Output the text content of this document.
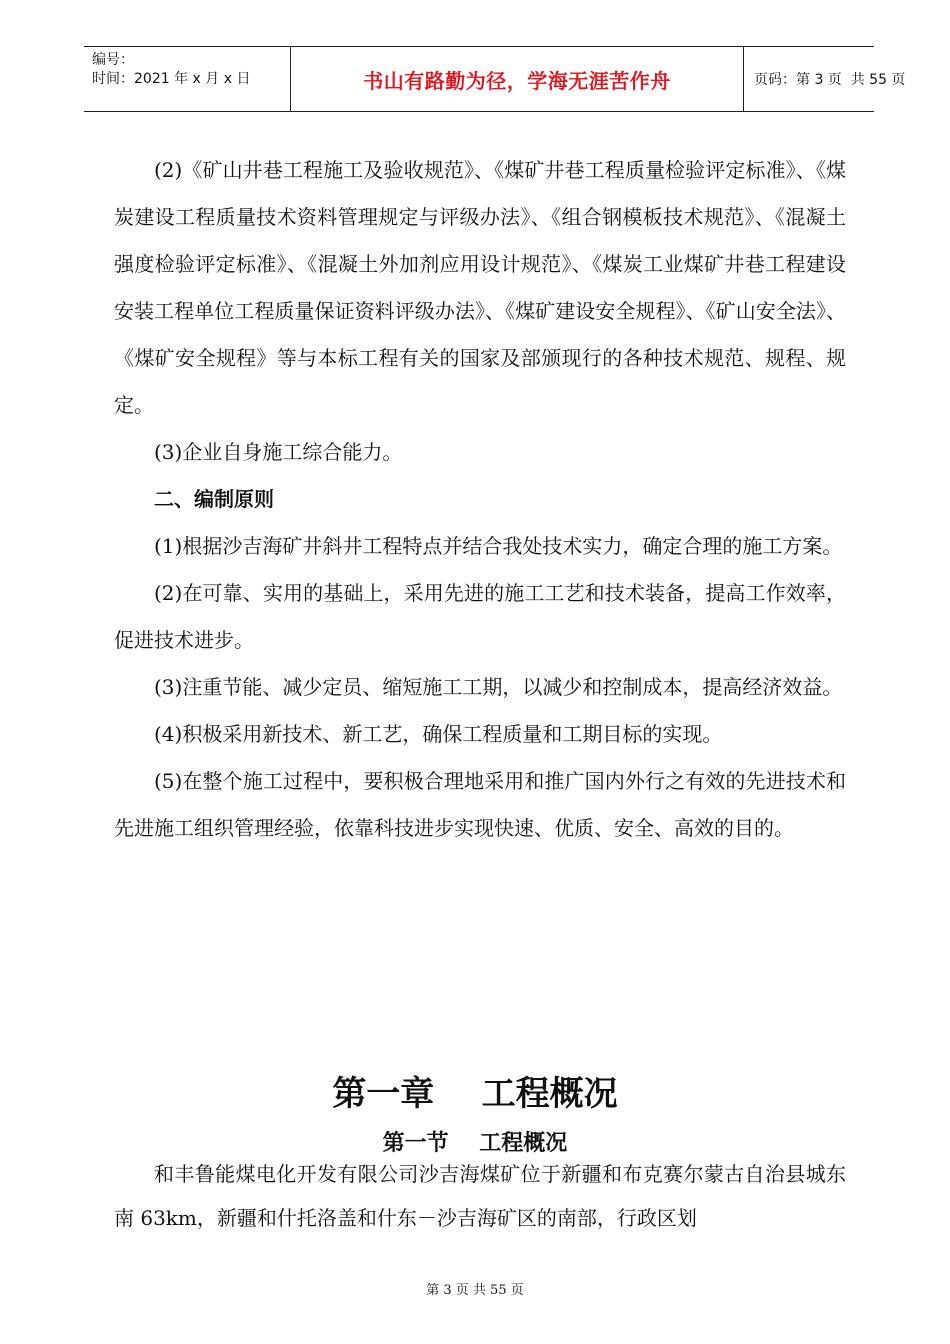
编号：
时间：2021 年 x 月 x 日	书山有路勤为径，学海无涯苦作舟	页码：第 3 页  共 55 页

(2)《矿山井巷工程施工及验收规范》、《煤矿井巷工程质量检验评定标准》、《煤炭建设工程质量技术资料管理规定与评级办法》、《组合钢模板技术规范》、《混凝土强度检验评定标准》、《混凝土外加剂应用设计规范》、《煤炭工业煤矿井巷工程建设安装工程单位工程质量保证资料评级办法》、《煤矿建设安全规程》、《矿山安全法》、《煤矿安全规程》等与本标工程有关的国家及部颁现行的各种技术规范、规程、规定。

(3)企业自身施工综合能力。

二、编制原则

(1)根据沙吉海矿井斜井工程特点并结合我处技术实力，确定合理的施工方案。

(2)在可靠、实用的基础上，采用先进的施工工艺和技术装备，提高工作效率，促进技术进步。

(3)注重节能、减少定员、缩短施工工期，以减少和控制成本，提高经济效益。

(4)积极采用新技术、新工艺，确保工程质量和工期目标的实现。

(5)在整个施工过程中，要积极合理地采用和推广国内外行之有效的先进技术和先进施工组织管理经验，依靠科技进步实现快速、优质、安全、高效的目的。

第一章    工程概况
第一节    工程概况

和丰鲁能煤电化开发有限公司沙吉海煤矿位于新疆和布克赛尔蒙古自治县城东南 63km，新疆和什托洛盖和什东－沙吉海矿区的南部，行政区划

第 3 页 共 55 页
